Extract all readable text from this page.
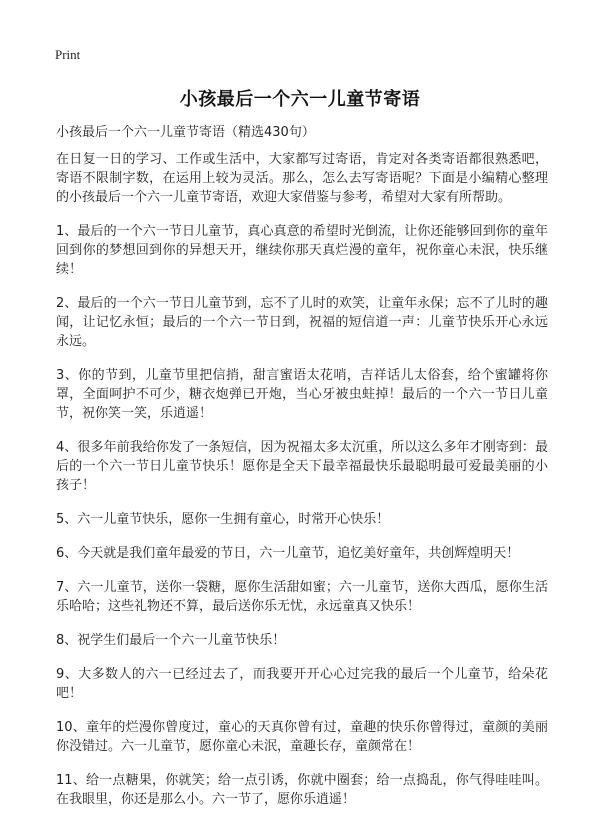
Print
小孩最后一个六一儿童节寄语
小孩最后一个六一儿童节寄语（精选430句）

在日复一日的学习、工作或生活中，大家都写过寄语，肯定对各类寄语都很熟悉吧，寄语不限制字数，在运用上较为灵活。那么，怎么去写寄语呢？下面是小编精心整理的小孩最后一个六一儿童节寄语，欢迎大家借鉴与参考，希望对大家有所帮助。

1、最后的一个六一节日儿童节，真心真意的希望时光倒流，让你还能够回到你的童年回到你的梦想回到你的异想天开，继续你那天真烂漫的童年，祝你童心未泯，快乐继续！

2、最后的一个六一节日儿童节到，忘不了儿时的欢笑，让童年永保；忘不了儿时的趣闻，让记忆永恒；最后的一个六一节日到，祝福的短信道一声：儿童节快乐开心永远永远。

3、你的节到，儿童节里把信捎，甜言蜜语太花哨，吉祥话儿太俗套，给个蜜罐将你罩，全面呵护不可少，糖衣炮弹已开炮，当心牙被虫蛀掉！最后的一个六一节日儿童节，祝你笑一笑，乐逍遥！

4、很多年前我给你发了一条短信，因为祝福太多太沉重，所以这么多年才刚寄到：最后的一个六一节日儿童节快乐！愿你是全天下最幸福最快乐最聪明最可爱最美丽的小孩子！

5、六一儿童节快乐，愿你一生拥有童心，时常开心快乐！

6、今天就是我们童年最爱的节日，六一儿童节，追忆美好童年，共创辉煌明天！

7、六一儿童节，送你一袋糖，愿你生活甜如蜜；六一儿童节，送你大西瓜，愿你生活乐哈哈；这些礼物还不算，最后送你乐无忧，永远童真又快乐！

8、祝学生们最后一个六一儿童节快乐！

9、大多数人的六一已经过去了，而我要开开心心过完我的最后一个儿童节，给朵花吧！

10、童年的烂漫你曾度过，童心的天真你曾有过，童趣的快乐你曾得过，童颜的美丽你没错过。六一儿童节，愿你童心未泯，童趣长存，童颜常在！

11、给一点糖果，你就笑；给一点引诱，你就中圈套；给一点捣乱，你气得哇哇叫。在我眼里，你还是那么小。六一节了，愿你乐逍遥！
